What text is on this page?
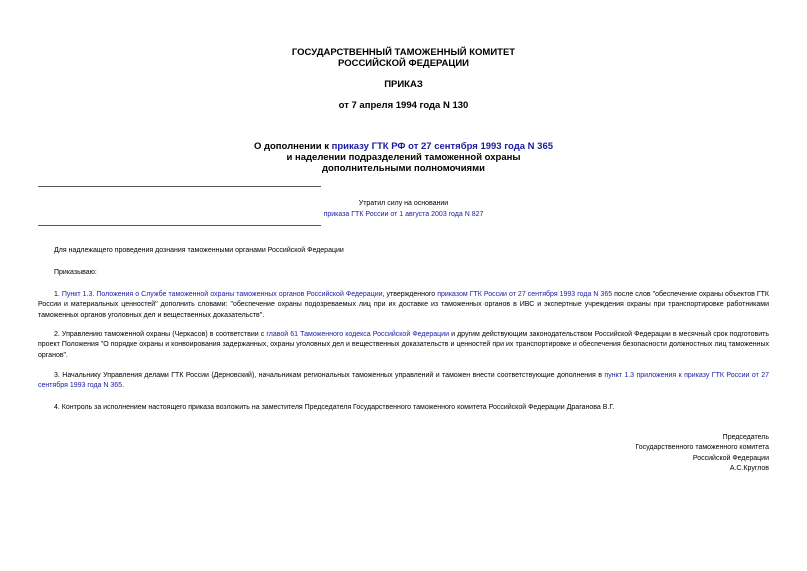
ГОСУДАРСТВЕННЫЙ ТАМОЖЕННЫЙ КОМИТЕТ
РОССИЙСКОЙ ФЕДЕРАЦИИ
ПРИКАЗ
от 7 апреля 1994 года N 130
О дополнении к приказу ГТК РФ от 27 сентября 1993 года N 365
и наделении подразделений таможенной охраны
дополнительными полномочиями
Утратил силу на основании
приказа ГТК России от 1 августа 2003 года N 827
Для надлежащего проведения дознания таможенными органами Российской Федерации
Приказываю:
1. Пункт 1.3. Положения о Службе таможенной охраны таможенных органов Российской Федерации, утвержденного приказом ГТК России от 27 сентября 1993 года N 365 после слов "обеспечение охраны объектов ГТК России и материальных ценностей" дополнить словами: "обеспечение охраны подозреваемых лиц при их доставке из таможенных органов в ИВС и экспертные учреждения охраны при транспортировке работниками таможенных органов уголовных дел и вещественных доказательств".
2. Управлению таможенной охраны (Черкасов) в соответствии с главой 61 Таможенного кодекса Российской Федерации и другим действующим законодательством Российской Федерации в месячный срок подготовить проект Положения "О порядке охраны и конвоирования задержанных, охраны уголовных дел и вещественных доказательств и ценностей при их транспортировке и обеспечения безопасности должностных лиц таможенных органов".
3. Начальнику Управления делами ГТК России (Дерновский), начальникам региональных таможенных управлений и таможен внести соответствующие дополнения в пункт 1.3 приложения к приказу ГТК России от 27 сентября 1993 года N 365.
4. Контроль за исполнением настоящего приказа возложить на заместителя Председателя Государственного таможенного комитета Российской Федерации Драганова В.Г.
Председатель
Государственного таможенного комитета
Российской Федерации
А.С.Круглов
